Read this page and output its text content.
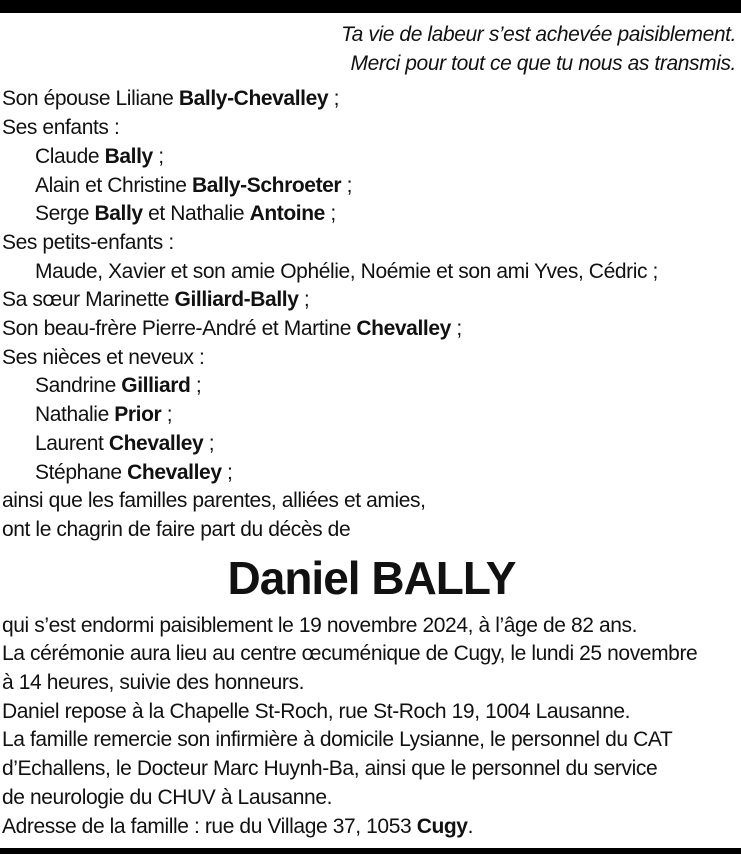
Ta vie de labeur s’est achevée paisiblement.
Merci pour tout ce que tu nous as transmis.
Son épouse Liliane Bally-Chevalley ;
Ses enfants :
Claude Bally ;
Alain et Christine Bally-Schroeter ;
Serge Bally et Nathalie Antoine ;
Ses petits-enfants :
Maude, Xavier et son amie Ophélie, Noémie et son ami Yves, Cédric ;
Sa sœur Marinette Gilliard-Bally ;
Son beau-frère Pierre-André et Martine Chevalley ;
Ses nièces et neveux :
Sandrine Gilliard ;
Nathalie Prior ;
Laurent Chevalley ;
Stéphane Chevalley ;
ainsi que les familles parentes, alliées et amies,
ont le chagrin de faire part du décès de
Daniel BALLY
qui s’est endormi paisiblement le 19 novembre 2024, à l’âge de 82 ans.
La cérémonie aura lieu au centre œcuménique de Cugy, le lundi 25 novembre
à 14 heures, suivie des honneurs.
Daniel repose à la Chapelle St-Roch, rue St-Roch 19, 1004 Lausanne.
La famille remercie son infirmière à domicile Lysianne, le personnel du CAT
d’Echallens, le Docteur Marc Huynh-Ba, ainsi que le personnel du service
de neurologie du CHUV à Lausanne.
Adresse de la famille : rue du Village 37, 1053 Cugy.
